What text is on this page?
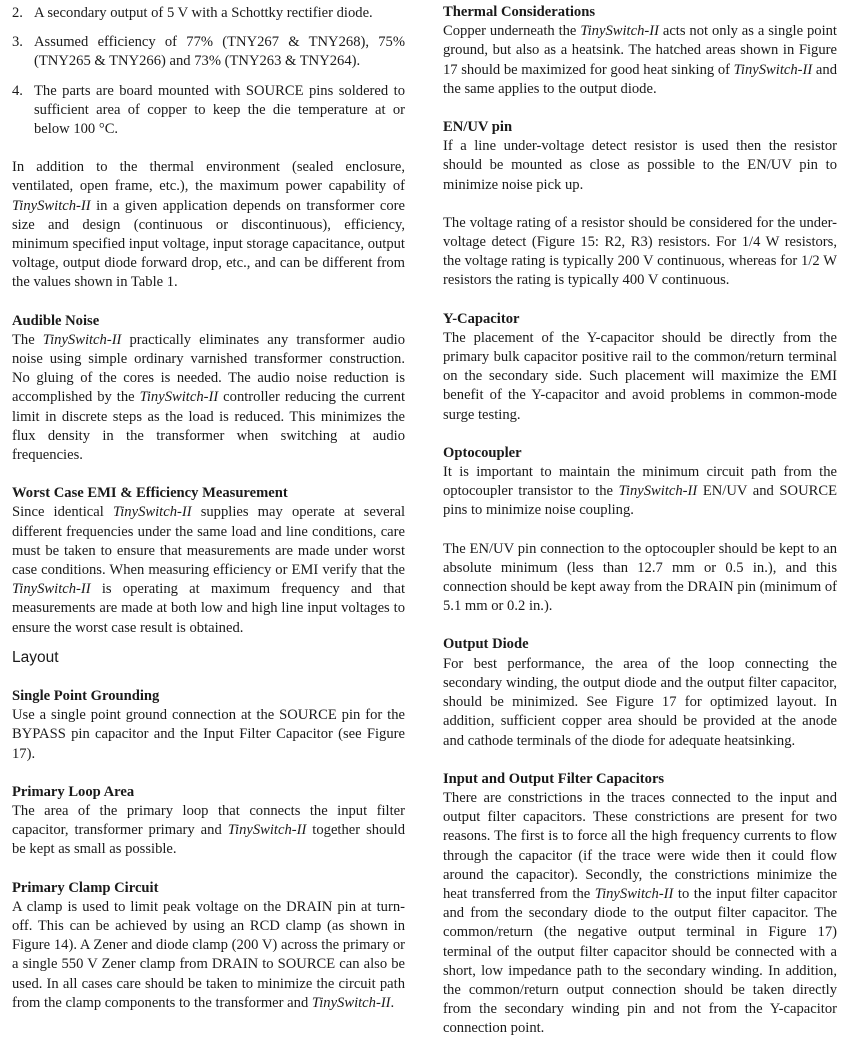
2. A secondary output of 5 V with a Schottky rectifier diode.
3. Assumed efficiency of 77% (TNY267 & TNY268), 75% (TNY265 & TNY266) and 73% (TNY263 & TNY264).
4. The parts are board mounted with SOURCE pins soldered to sufficient area of copper to keep the die temperature at or below 100 °C.

In addition to the thermal environment (sealed enclosure, ventilated, open frame, etc.), the maximum power capability of TinySwitch-II in a given application depends on transformer core size and design (continuous or discontinuous), efficiency, minimum specified input voltage, input storage capacitance, output voltage, output diode forward drop, etc., and can be different from the values shown in Table 1.

Audible Noise

The TinySwitch-II practically eliminates any transformer audio noise using simple ordinary varnished transformer construction. No gluing of the cores is needed. The audio noise reduction is accomplished by the TinySwitch-II controller reducing the current limit in discrete steps as the load is reduced. This minimizes the flux density in the transformer when switching at audio frequencies.

Worst Case EMI & Efficiency Measurement

Since identical TinySwitch-II supplies may operate at several different frequencies under the same load and line conditions, care must be taken to ensure that measurements are made under worst case conditions. When measuring efficiency or EMI verify that the TinySwitch-II is operating at maximum frequency and that measurements are made at both low and high line input voltages to ensure the worst case result is obtained.

Layout

Single Point Grounding

Use a single point ground connection at the SOURCE pin for the BYPASS pin capacitor and the Input Filter Capacitor (see Figure 17).

Primary Loop Area

The area of the primary loop that connects the input filter capacitor, transformer primary and TinySwitch-II together should be kept as small as possible.

Primary Clamp Circuit

A clamp is used to limit peak voltage on the DRAIN pin at turn-off. This can be achieved by using an RCD clamp (as shown in Figure 14). A Zener and diode clamp (200 V) across the primary or a single 550 V Zener clamp from DRAIN to SOURCE can also be used. In all cases care should be taken to minimize the circuit path from the clamp components to the transformer and TinySwitch-II.

Thermal Considerations

Copper underneath the TinySwitch-II acts not only as a single point ground, but also as a heatsink. The hatched areas shown in Figure 17 should be maximized for good heat sinking of TinySwitch-II and the same applies to the output diode.

EN/UV pin

If a line under-voltage detect resistor is used then the resistor should be mounted as close as possible to the EN/UV pin to minimize noise pick up.

The voltage rating of a resistor should be considered for the under-voltage detect (Figure 15: R2, R3) resistors. For 1/4 W resistors, the voltage rating is typically 200 V continuous, whereas for 1/2 W resistors the rating is typically 400 V continuous.

Y-Capacitor

The placement of the Y-capacitor should be directly from the primary bulk capacitor positive rail to the common/return terminal on the secondary side. Such placement will maximize the EMI benefit of the Y-capacitor and avoid problems in common-mode surge testing.

Optocoupler

It is important to maintain the minimum circuit path from the optocoupler transistor to the TinySwitch-II EN/UV and SOURCE pins to minimize noise coupling.

The EN/UV pin connection to the optocoupler should be kept to an absolute minimum (less than 12.7 mm or 0.5 in.), and this connection should be kept away from the DRAIN pin (minimum of 5.1 mm or 0.2 in.).

Output Diode

For best performance, the area of the loop connecting the secondary winding, the output diode and the output filter capacitor, should be minimized. See Figure 17 for optimized layout. In addition, sufficient copper area should be provided at the anode and cathode terminals of the diode for adequate heatsinking.

Input and Output Filter Capacitors

There are constrictions in the traces connected to the input and output filter capacitors. These constrictions are present for two reasons. The first is to force all the high frequency currents to flow through the capacitor (if the trace were wide then it could flow around the capacitor). Secondly, the constrictions minimize the heat transferred from the TinySwitch-II to the input filter capacitor and from the secondary diode to the output filter capacitor. The common/return (the negative output terminal in Figure 17) terminal of the output filter capacitor should be connected with a short, low impedance path to the secondary winding. In addition, the common/return output connection should be taken directly from the secondary winding pin and not from the Y-capacitor connection point.
